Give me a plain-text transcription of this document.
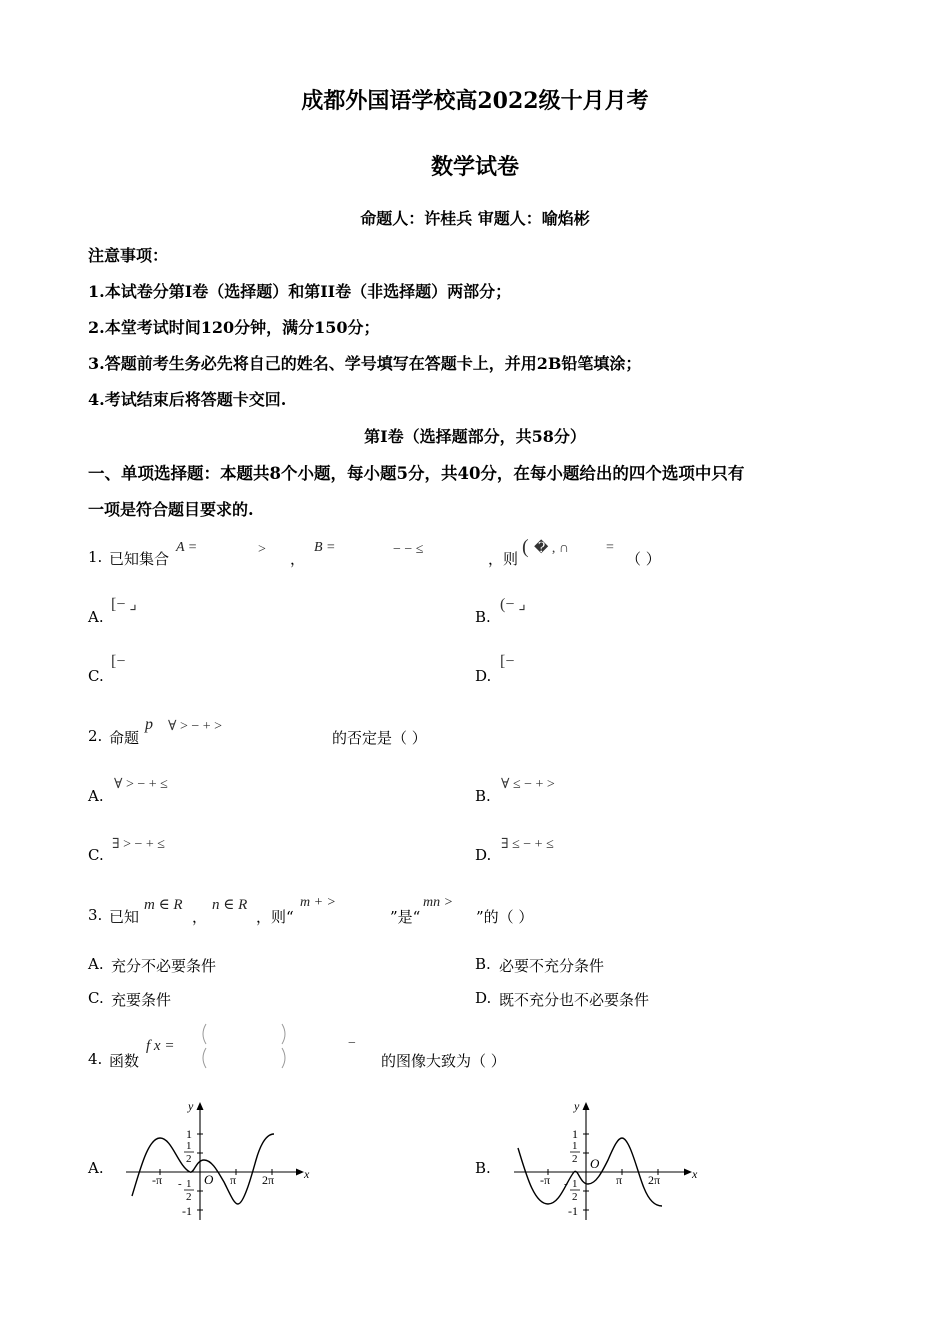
成都外国语学校高2022级十月月考
数学试卷
命题人：许桂兵 审题人：喻焰彬
注意事项：
1.本试卷分第I卷（选择题）和第II卷（非选择题）两部分；
2.本堂考试时间120分钟，满分150分；
3.答题前考生务必先将自己的姓名、学号填写在答题卡上，并用2B铅笔填涂；
4.考试结束后将答题卡交回.
第I卷（选择题部分，共58分）
一、单项选择题：本题共8个小题，每小题5分，共40分，在每小题给出的四个选项中只有
一项是符合题目要求的.
1. 已知集合
A =	>
，
B =	− − ≤
，则
( � , ∩	=
（ ）
A.
[− ⌟
B.
(− ⌟
C.
[−
D.
[−
2. 命题
p ∀ > − + >
的否定是（ ）
A.
∀ > − + ≤
B.
∀ ≤ − + >
C.
∃ > − + ≤
D.
∃ ≤ − + ≤
3. 已知
m ∈ R
，
n ∈ R
，则“
m + >
”是“
mn >
”的（ ）
A. 充分不必要条件	B. 必要不充分条件
C. 充要条件	D. 既不充分也不必要条件
4. 函数
f x =	−
的图像大致为（ ）
A.	B.
y
x
1
1
2
- 1
2
-1
O
-π	π 2π
y
x
1
1
2 O
- 1
2
-1
-π	π 2π
